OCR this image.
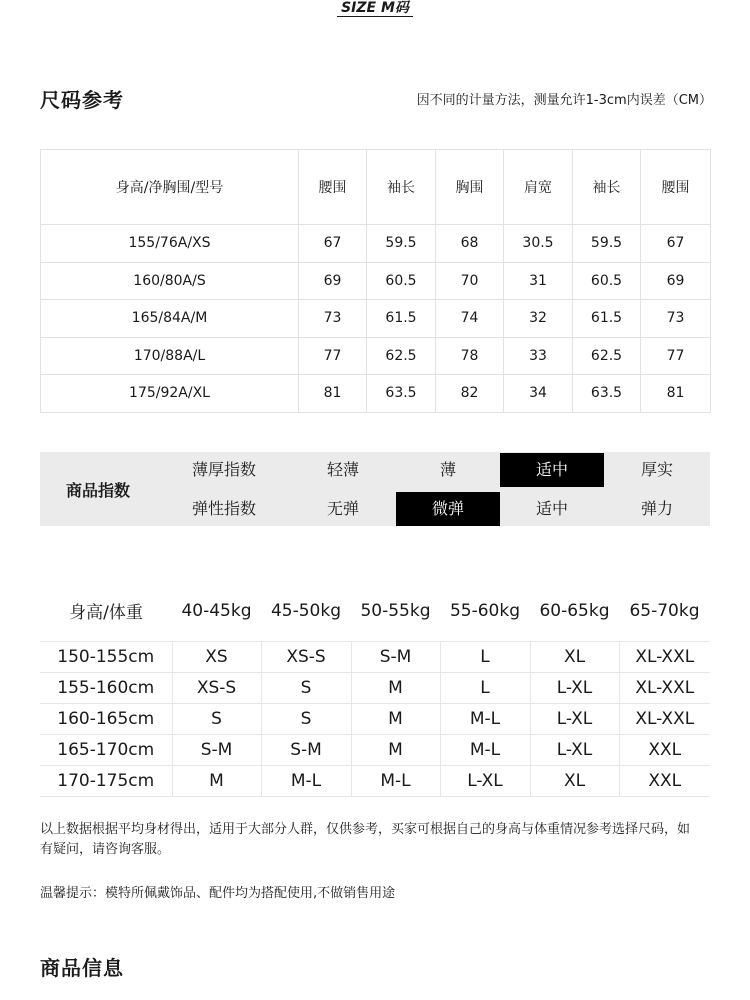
SIZE M码
尺码参考	因不同的计量方法，测量允许1-3cm内误差（CM）
身高/净胸围/型号	腰围	袖长	胸围	肩宽	袖长	腰围
155/76A/XS	67	59.5	68	30.5	59.5	67
160/80A/S	69	60.5	70	31	60.5	69
165/84A/M	73	61.5	74	32	61.5	73
170/88A/L	77	62.5	78	33	62.5	77
175/92A/XL	81	63.5	82	34	63.5	81
商品指数
薄厚指数	轻薄	薄	适中	厚实
弹性指数	无弹	微弹	适中	弹力
身高/体重	40-45kg	45-50kg	50-55kg	55-60kg	60-65kg	65-70kg
150-155cm	XS	XS-S	S-M	L	XL	XL-XXL
155-160cm	XS-S	S	M	L	L-XL	XL-XXL
160-165cm	S	S	M	M-L	L-XL	XL-XXL
165-170cm	S-M	S-M	M	M-L	L-XL	XXL
170-175cm	M	M-L	M-L	L-XL	XL	XXL
以上数据根据平均身材得出，适用于大部分人群，仅供参考，买家可根据自己的身高与体重情况参考选择尺码，如有疑问，请咨询客服。
温馨提示：模特所佩戴饰品、配件均为搭配使用,不做销售用途
商品信息
